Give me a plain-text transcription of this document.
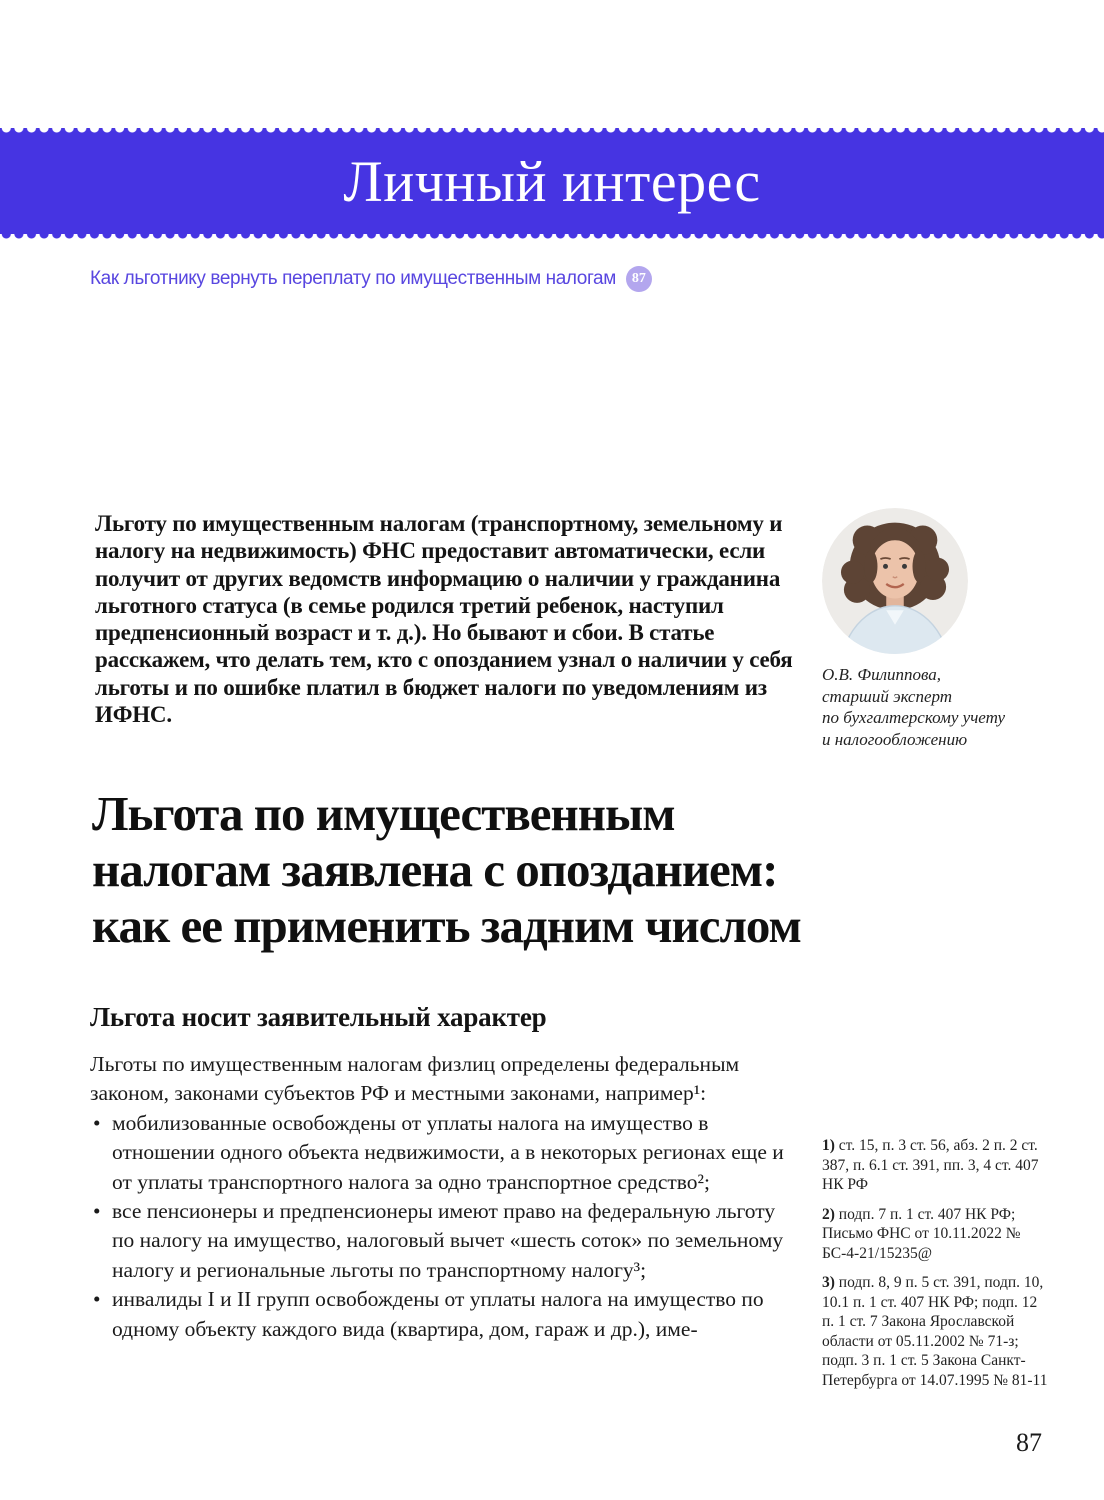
Личный интерес
Как льготнику вернуть переплату по имущественным налогам	87

Льготу по имущественным налогам (транспортному, земельному и налогу на недвижимость) ФНС предоставит автоматически, если получит от других ведомств информацию о наличии у гражданина льготного статуса (в семье родился третий ребенок, наступил предпенсионный возраст и т. д.). Но бывают и сбои. В статье расскажем, что делать тем, кто с опозданием узнал о наличии у себя льготы и по ошибке платил в бюджет налоги по уведомлениям из ИФНС.

О.В. Филиппова,
старший эксперт
по бухгалтерскому учету
и налогообложению
Льгота по имущественным
налогам заявлена с опозданием:
как ее применить задним числом
Льгота носит заявительный характер

Льготы по имущественным налогам физлиц определены федеральным законом, законами субъектов РФ и местными законами, например¹:

• мобилизованные освобождены от уплаты налога на имущество в отношении одного объекта недвижимости, а в некоторых регионах еще и от уплаты транспортного налога за одно транспортное средство²;
• все пенсионеры и предпенсионеры имеют право на федеральную льготу по налогу на имущество, налоговый вычет «шесть соток» по земельному налогу и региональные льготы по транспортному налогу³;
• инвалиды I и II групп освобождены от уплаты налога на имущество по одному объекту каждого вида (квартира, дом, гараж и др.), име-
1) ст. 15, п. 3 ст. 56, абз. 2 п. 2 ст. 387, п. 6.1 ст. 391, пп. 3, 4 ст. 407 НК РФ
2) подп. 7 п. 1 ст. 407 НК РФ; Письмо ФНС от 10.11.2022 № БС-4-21/15235@
3) подп. 8, 9 п. 5 ст. 391, подп. 10, 10.1 п. 1 ст. 407 НК РФ; подп. 12 п. 1 ст. 7 Закона Ярославской области от 05.11.2002 № 71-з; подп. 3 п. 1 ст. 5 Закона Санкт-Петербурга от 14.07.1995 № 81-11
87
